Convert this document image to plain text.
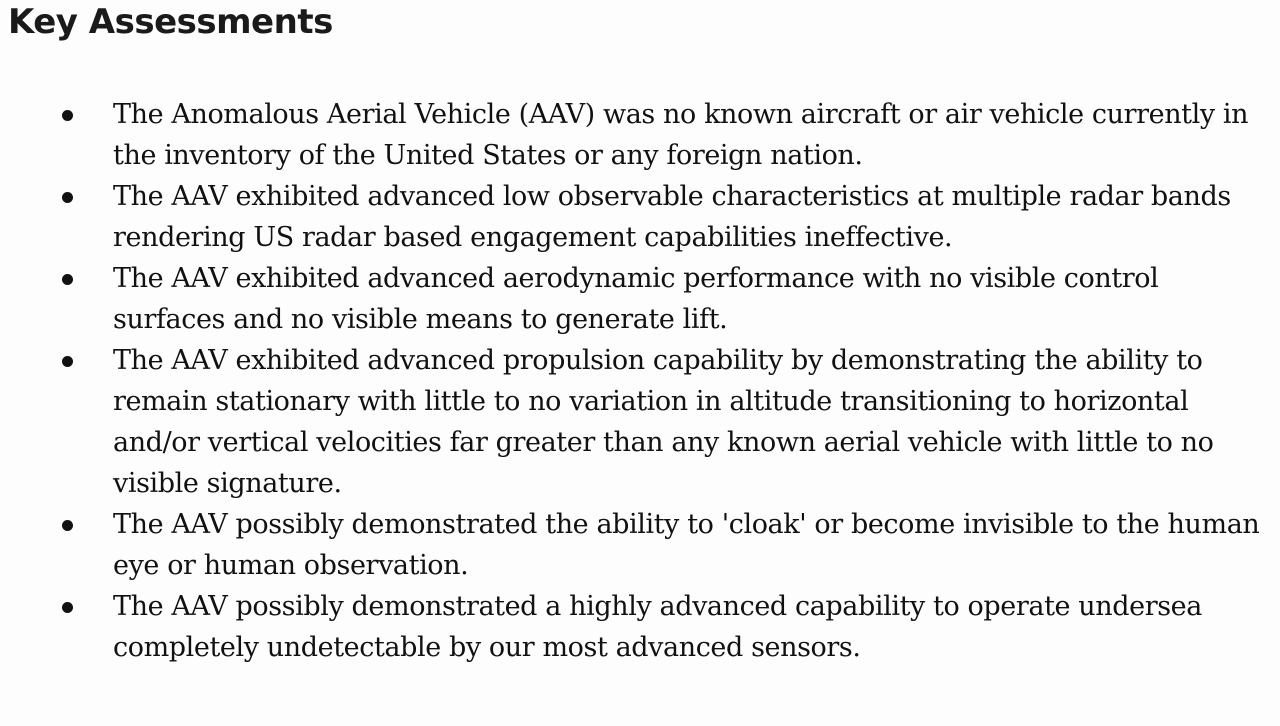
Key Assessments
The Anomalous Aerial Vehicle (AAV) was no known aircraft or air vehicle currently in the inventory of the United States or any foreign nation.
The AAV exhibited advanced low observable characteristics at multiple radar bands rendering US radar based engagement capabilities ineffective.
The AAV exhibited advanced aerodynamic performance with no visible control surfaces and no visible means to generate lift.
The AAV exhibited advanced propulsion capability by demonstrating the ability to remain stationary with little to no variation in altitude transitioning to horizontal and/or vertical velocities far greater than any known aerial vehicle with little to no visible signature.
The AAV possibly demonstrated the ability to 'cloak' or become invisible to the human eye or human observation.
The AAV possibly demonstrated a highly advanced capability to operate undersea completely undetectable by our most advanced sensors.
